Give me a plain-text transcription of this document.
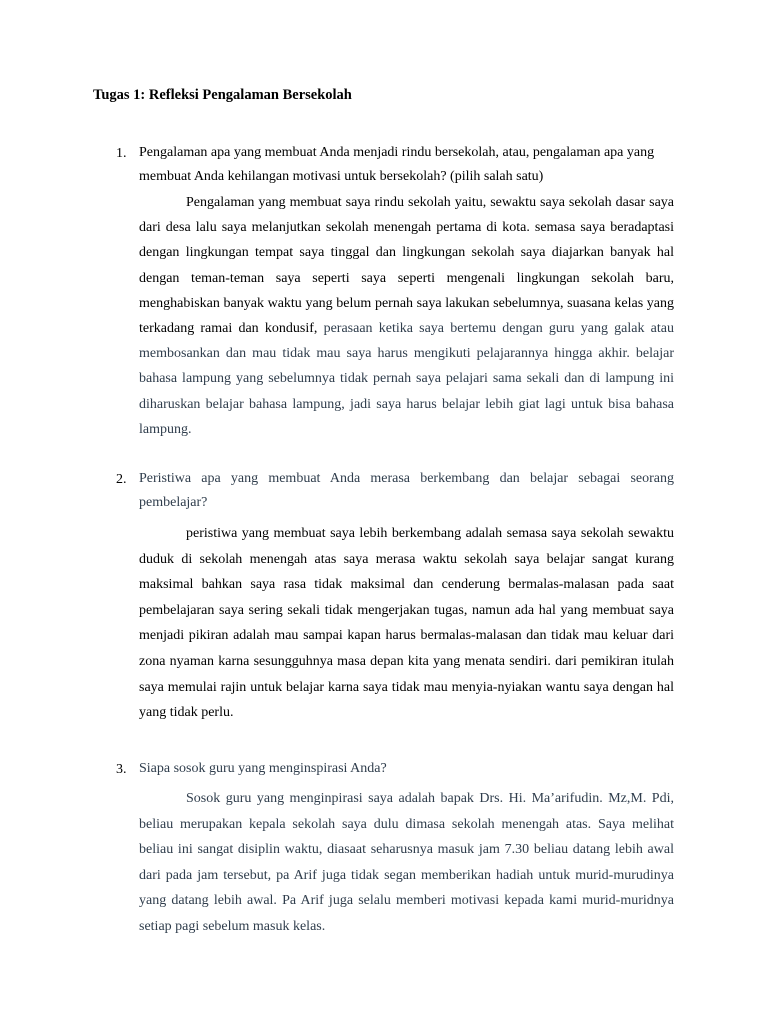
Tugas 1: Refleksi Pengalaman Bersekolah
1. Pengalaman apa yang membuat Anda menjadi rindu bersekolah, atau, pengalaman apa yang membuat Anda kehilangan motivasi untuk bersekolah? (pilih salah satu)

Pengalaman yang membuat saya rindu sekolah yaitu, sewaktu saya sekolah dasar saya dari desa lalu saya melanjutkan sekolah menengah pertama di kota. semasa saya beradaptasi dengan lingkungan tempat saya tinggal dan lingkungan sekolah saya diajarkan banyak hal dengan teman-teman saya seperti saya seperti mengenali lingkungan sekolah baru, menghabiskan banyak waktu yang belum pernah saya lakukan sebelumnya, suasana kelas yang terkadang ramai dan kondusif, perasaan ketika saya bertemu dengan guru yang galak atau membosankan dan mau tidak mau saya harus mengikuti pelajarannya hingga akhir. belajar bahasa lampung yang sebelumnya tidak pernah saya pelajari sama sekali dan di lampung ini diharuskan belajar bahasa lampung, jadi saya harus belajar lebih giat lagi untuk bisa bahasa lampung.

2. Peristiwa apa yang membuat Anda merasa berkembang dan belajar sebagai seorang pembelajar?

peristiwa yang membuat saya lebih berkembang adalah semasa saya sekolah sewaktu duduk di sekolah menengah atas saya merasa waktu sekolah saya belajar sangat kurang maksimal bahkan saya rasa tidak maksimal dan cenderung bermalas-malasan pada saat pembelajaran saya sering sekali tidak mengerjakan tugas, namun ada hal yang membuat saya menjadi pikiran adalah mau sampai kapan harus bermalas-malasan dan tidak mau keluar dari zona nyaman karna sesungguhnya masa depan kita yang menata sendiri. dari pemikiran itulah saya memulai rajin untuk belajar karna saya tidak mau menyia-nyiakan wantu saya dengan hal yang tidak perlu.

3. Siapa sosok guru yang menginspirasi Anda?

Sosok guru yang menginpirasi saya adalah bapak Drs. Hi. Ma’arifudin. Mz,M. Pdi, beliau merupakan kepala sekolah saya dulu dimasa sekolah menengah atas. Saya melihat beliau ini sangat disiplin waktu, diasaat seharusnya masuk jam 7.30 beliau datang lebih awal dari pada jam tersebut, pa Arif juga tidak segan memberikan hadiah untuk murid-murudinya yang datang lebih awal. Pa Arif juga selalu memberi motivasi kepada kami murid-muridnya setiap pagi sebelum masuk kelas.
